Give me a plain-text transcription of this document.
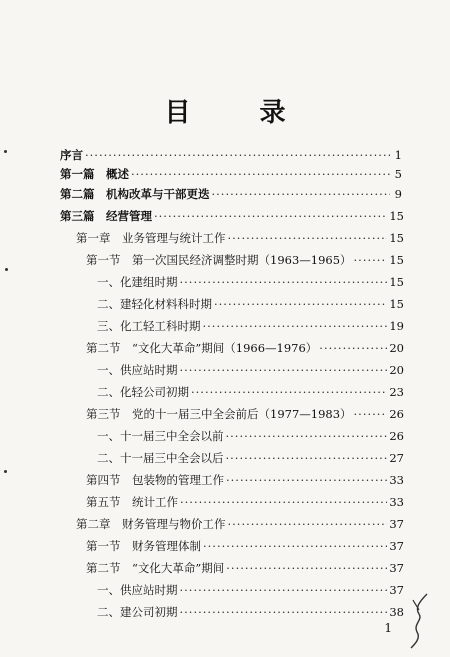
目 录
序言 ·····	1
第一篇　概述 ·····	5
第二篇　机构改革与干部更迭 ·····	9
第三篇　经营管理 ·····	15
第一章　业务管理与统计工作 ·····	15
第一节　第一次国民经济调整时期（1963—1965） ·····	15
一、化建组时期 ·····	15
二、建轻化材料科时期 ·····	15
三、化工轻工科时期 ·····	19
第二节　“文化大革命”期间（1966—1976） ·····	20
一、供应站时期 ·····	20
二、化轻公司初期 ·····	23
第三节　党的十一届三中全会前后（1977—1983） ·····	26
一、十一届三中全会以前 ·····	26
二、十一届三中全会以后 ·····	27
第四节　包装物的管理工作 ·····	33
第五节　统计工作 ·····	33
第二章　财务管理与物价工作 ·····	37
第一节　财务管理体制 ·····	37
第二节　“文化大革命”期间 ·····	37
一、供应站时期 ·····	37
二、建公司初期 ·····	38
1
